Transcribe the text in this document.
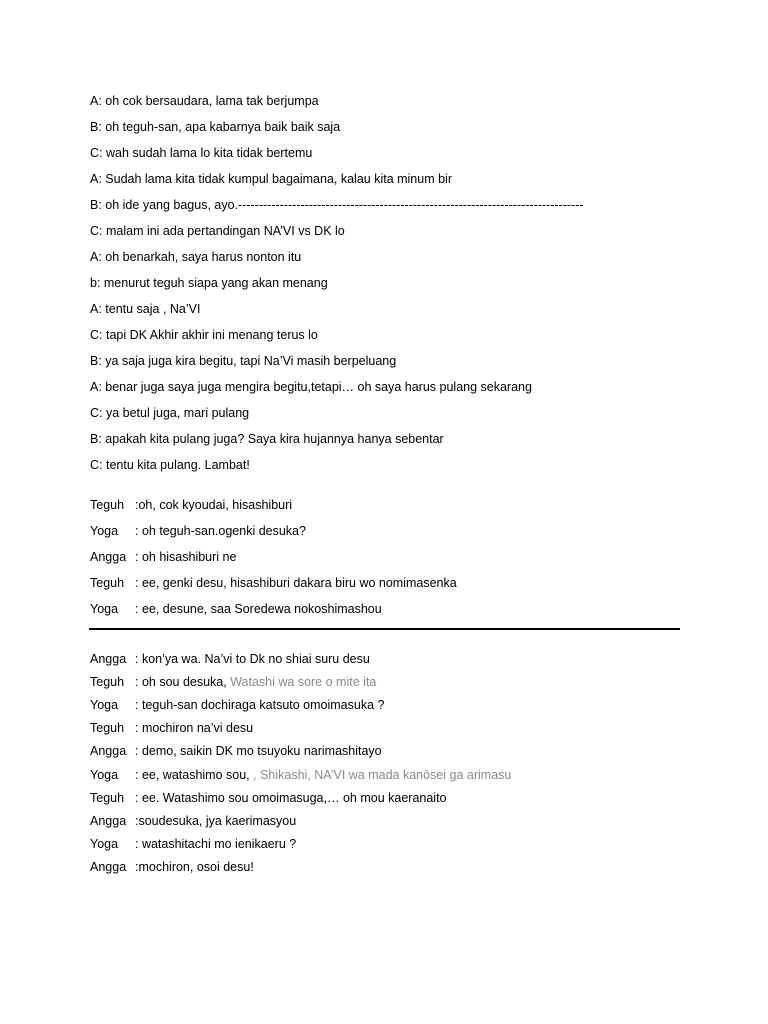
A: oh cok bersaudara, lama tak berjumpa
B: oh teguh-san, apa kabarnya baik baik saja
C: wah sudah lama lo kita tidak bertemu
A: Sudah lama kita tidak kumpul bagaimana, kalau kita minum bir
B: oh ide yang bagus, ayo.-----------------------------------------------------------------------------------
C: malam ini ada pertandingan NA’VI vs DK lo
A: oh benarkah, saya harus nonton itu
b: menurut teguh siapa yang akan menang
A: tentu saja , Na’VI
C: tapi DK Akhir akhir ini menang terus lo
B: ya saja juga kira begitu, tapi Na’Vi masih berpeluang
A: benar juga saya juga mengira begitu,tetapi… oh saya harus pulang sekarang
C: ya betul juga, mari pulang
B: apakah kita pulang juga? Saya kira hujannya hanya sebentar
C: tentu kita pulang. Lambat!
Teguh :oh, cok kyoudai, hisashiburi
Yoga : oh teguh-san.ogenki desuka?
Angga : oh hisashiburi ne
Teguh : ee, genki desu, hisashiburi dakara biru wo nomimasenka
Yoga : ee, desune, saa Soredewa nokoshimashou
Angga : kon’ya wa. Na’vi to Dk no shiai suru desu
Teguh : oh sou desuka, Watashi wa sore o mite ita
Yoga : teguh-san dochiraga katsuto omoimasuka ?
Teguh : mochiron na’vi desu
Angga : demo, saikin DK mo tsuyoku narimashitayo
Yoga : ee, watashimo sou, , Shikashi, NA’VI wa mada kanōsei ga arimasu
Teguh : ee. Watashimo sou omoimasuga,… oh mou kaeranaito
Angga :soudesuka, jya kaerimasyou
Yoga : watashitachi mo ienikaeru ?
Angga :mochiron, osoi desu!
